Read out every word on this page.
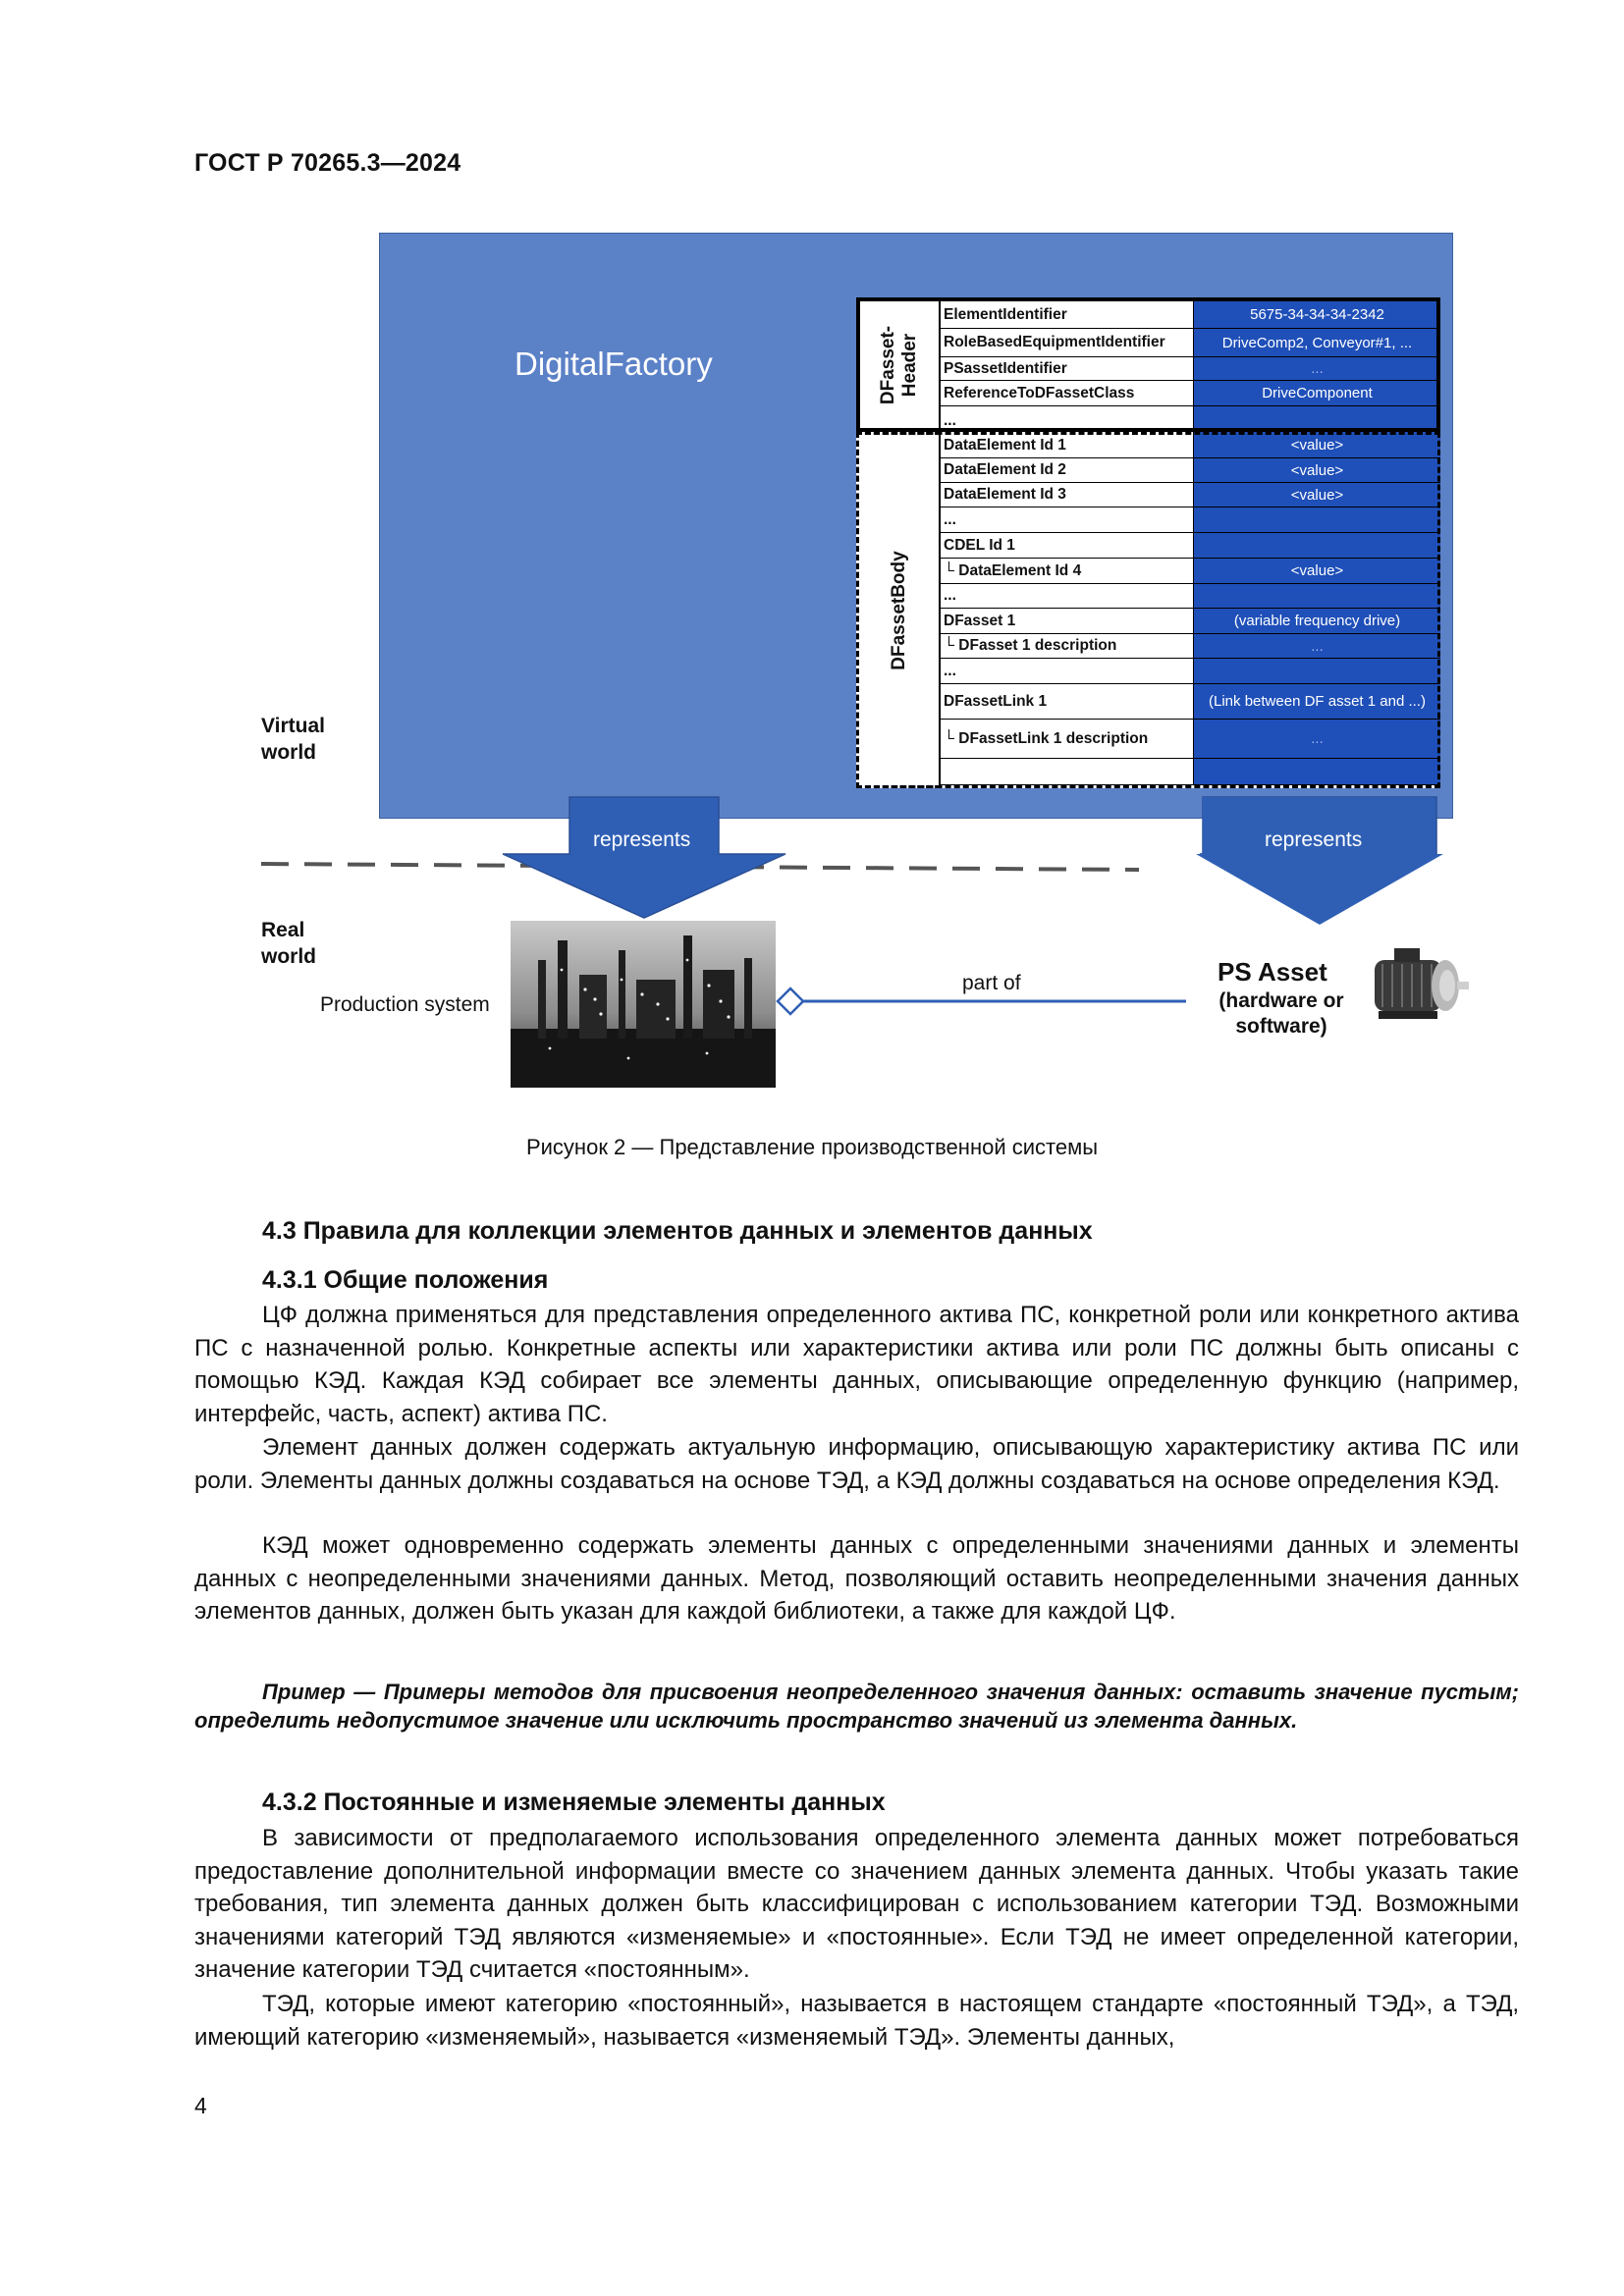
ГОСТ Р 70265.3—2024
DigitalFactory	DFasset-Header
DFassetBody
ElementIdentifier	5675-34-34-34-2342
RoleBasedEquipmentIdentifier	DriveComp2, Conveyor#1, ...
PSassetIdentifier	...
ReferenceToDFassetClass	DriveComponent
...
DataElement Id 1	<value>
DataElement Id 2	<value>
DataElement Id 3	<value>
...
CDEL Id 1
└ DataElement Id 4	<value>
...
DFasset 1	(variable frequency drive)
└ DFasset 1 description	...
...
DFassetLink 1	(Link between DF asset 1 and ...)
└ DFassetLink 1 description	...
represents	represents
Virtual
world
Real
world
Production system
part of	PS Asset
(hardware or software)
Рисунок 2 — Представление производственной системы
4.3 Правила для коллекции элементов данных и элементов данных
4.3.1 Общие положения

ЦФ должна применяться для представления определенного актива ПС, конкретной роли или конкретного актива ПС с назначенной ролью. Конкретные аспекты или характеристики актива или роли ПС должны быть описаны с помощью КЭД. Каждая КЭД собирает все элементы данных, описывающие определенную функцию (например, интерфейс, часть, аспект) актива ПС.

Элемент данных должен содержать актуальную информацию, описывающую характеристику актива ПС или роли. Элементы данных должны создаваться на основе ТЭД, а КЭД должны создаваться на основе определения КЭД.

КЭД может одновременно содержать элементы данных с определенными значениями данных и элементы данных с неопределенными значениями данных. Метод, позволяющий оставить неопределенными значения данных элементов данных, должен быть указан для каждой библиотеки, а также для каждой ЦФ.

Пример — Примеры методов для присвоения неопределенного значения данных: оставить значение пустым; определить недопустимое значение или исключить пространство значений из элемента данных.

4.3.2 Постоянные и изменяемые элементы данных

В зависимости от предполагаемого использования определенного элемента данных может потребоваться предоставление дополнительной информации вместе со значением данных элемента данных. Чтобы указать такие требования, тип элемента данных должен быть классифицирован с использованием категории ТЭД. Возможными значениями категорий ТЭД являются «изменяемые» и «постоянные». Если ТЭД не имеет определенной категории, значение категории ТЭД считается «постоянным».

ТЭД, которые имеют категорию «постоянный», называется в настоящем стандарте «постоянный ТЭД», а ТЭД, имеющий категорию «изменяемый», называется «изменяемый ТЭД». Элементы данных,

4
